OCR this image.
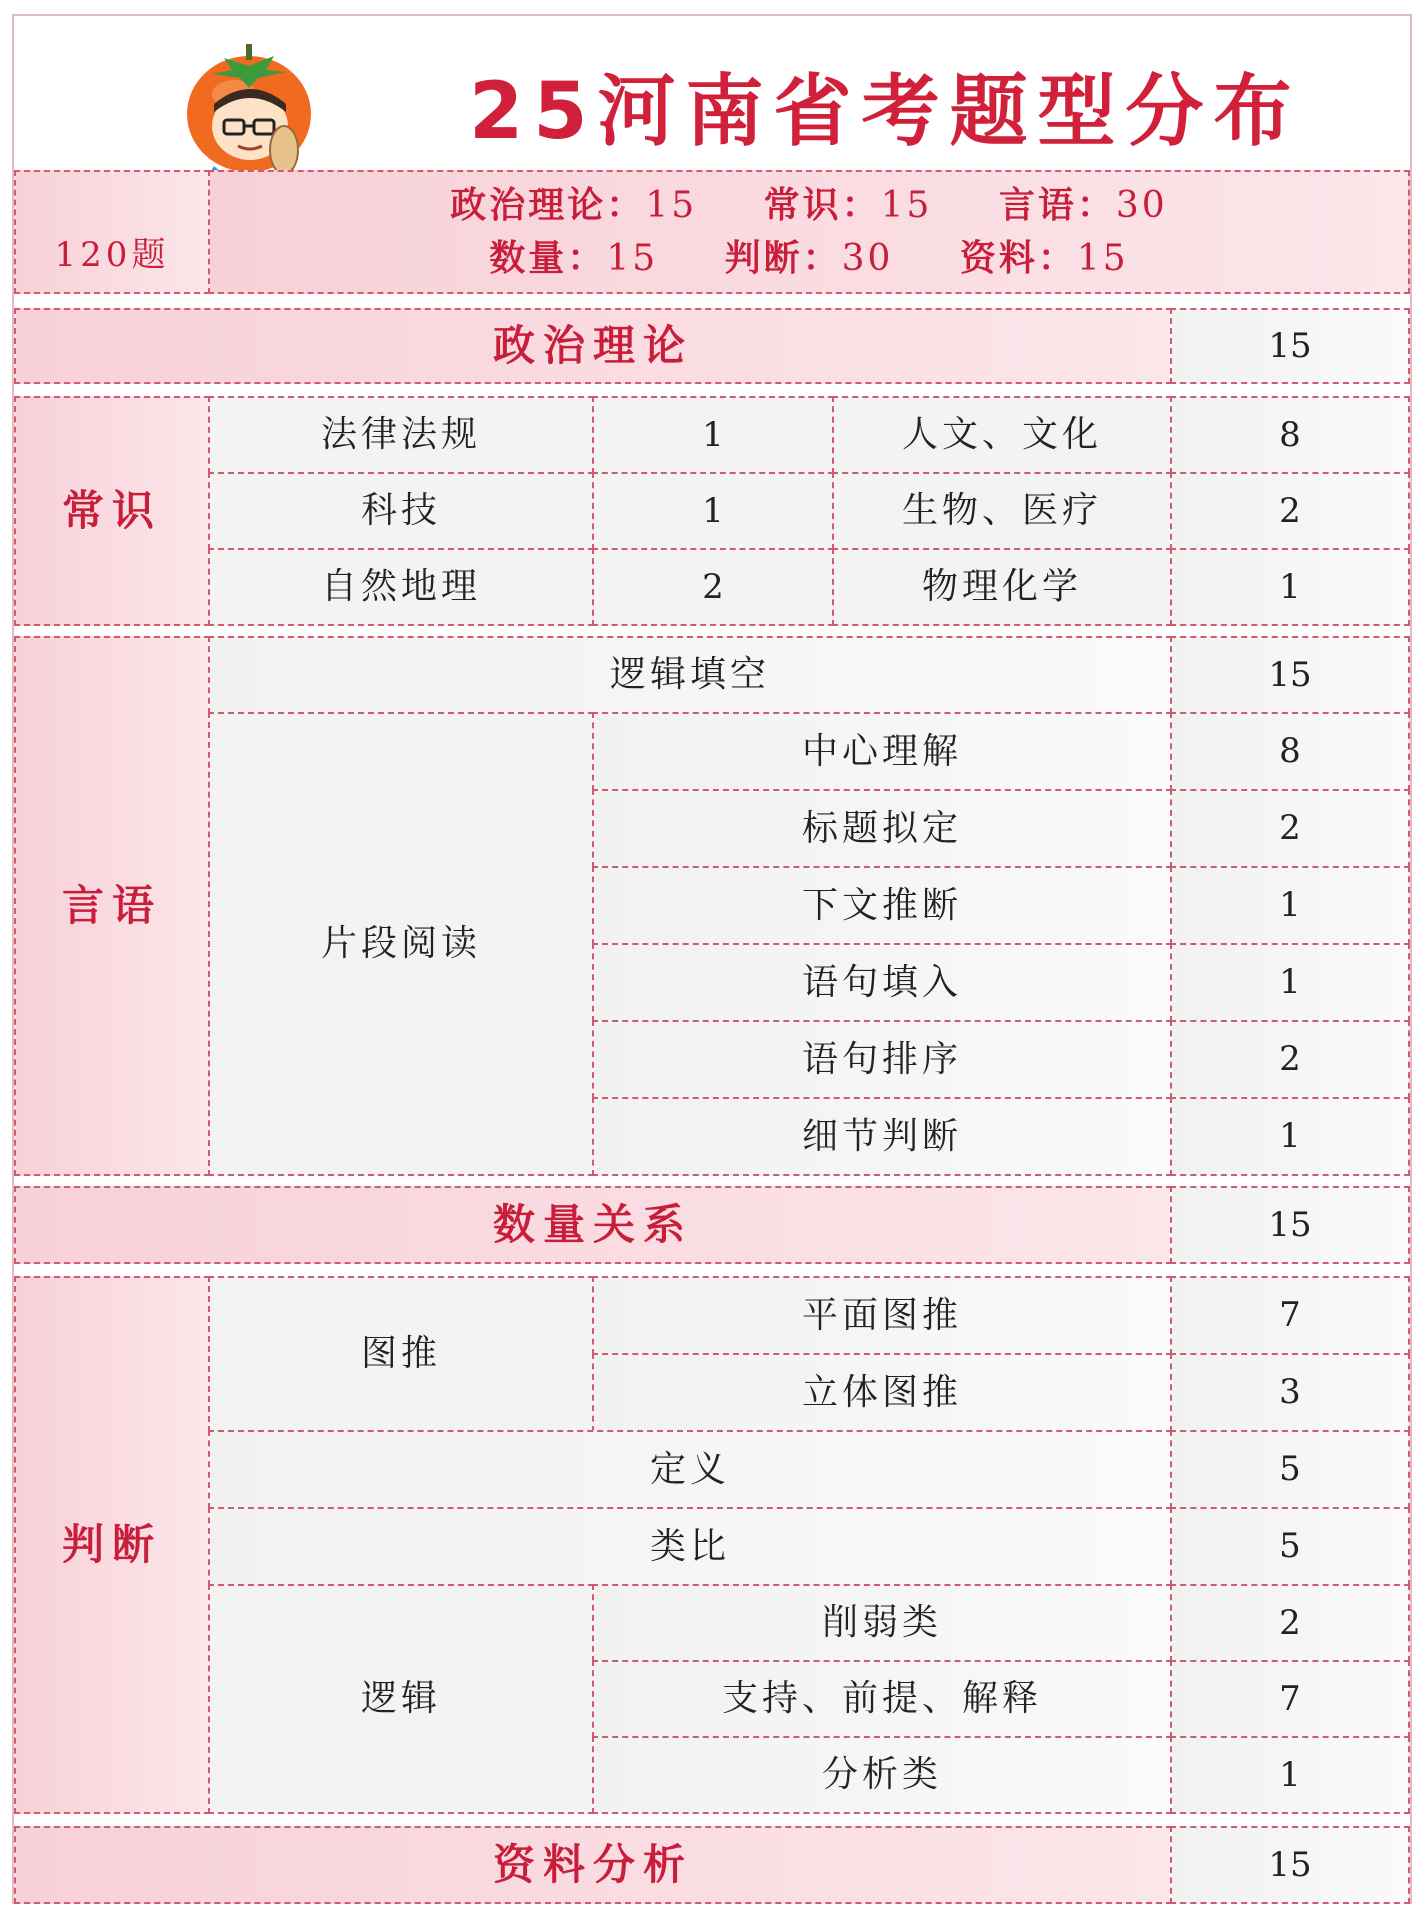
25河南省考题型分布
120题
政治理论：15 常识：15 言语：30
数量：15 判断：30 资料：15
政治理论	15
常识
法律法规	1	人文、文化	8
科技	1	生物、医疗	2
自然地理	2	物理化学	1
言语
逻辑填空	15
片段阅读
中心理解	8
标题拟定	2
下文推断	1
语句填入	1
语句排序	2
细节判断	1
数量关系	15
判断
图推
平面图推	7
立体图推	3
定义	5
类比	5
逻辑
削弱类	2
支持、前提、解释	7
分析类	1
资料分析	15
